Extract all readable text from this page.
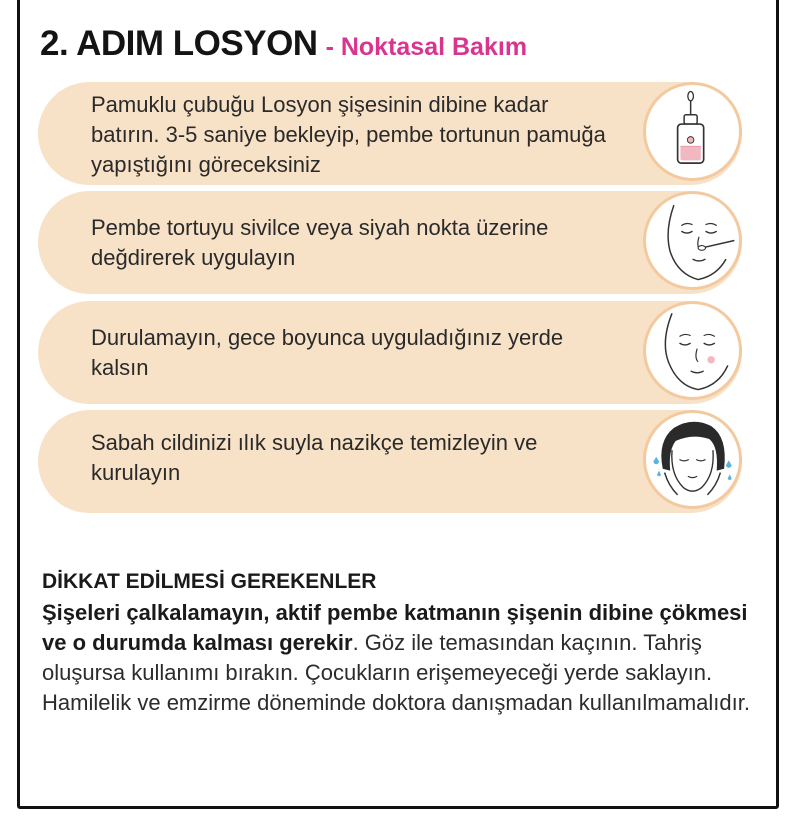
2. ADIM LOSYON - Noktasal Bakım
Pamuklu çubuğu Losyon şişesinin dibine kadar batırın. 3-5 saniye bekleyip, pembe tortunun pamuğa yapıştığını göreceksiniz
Pembe tortuyu sivilce veya siyah nokta üzerine değdirerek uygulayın
Durulamayın, gece boyunca uyguladığınız yerde kalsın
Sabah cildinizi ılık suyla nazikçe temizleyin ve kurulayın
DİKKAT EDİLMESİ GEREKENLER

Şişeleri çalkalamayın, aktif pembe katmanın şişenin dibine çökmesi ve o durumda kalması gerekir. Göz ile temasından kaçının. Tahriş oluşursa kullanımı bırakın. Çocukların erişemeyeceği yerde saklayın. Hamilelik ve emzirme döneminde doktora danışmadan kullanılmamalıdır.
